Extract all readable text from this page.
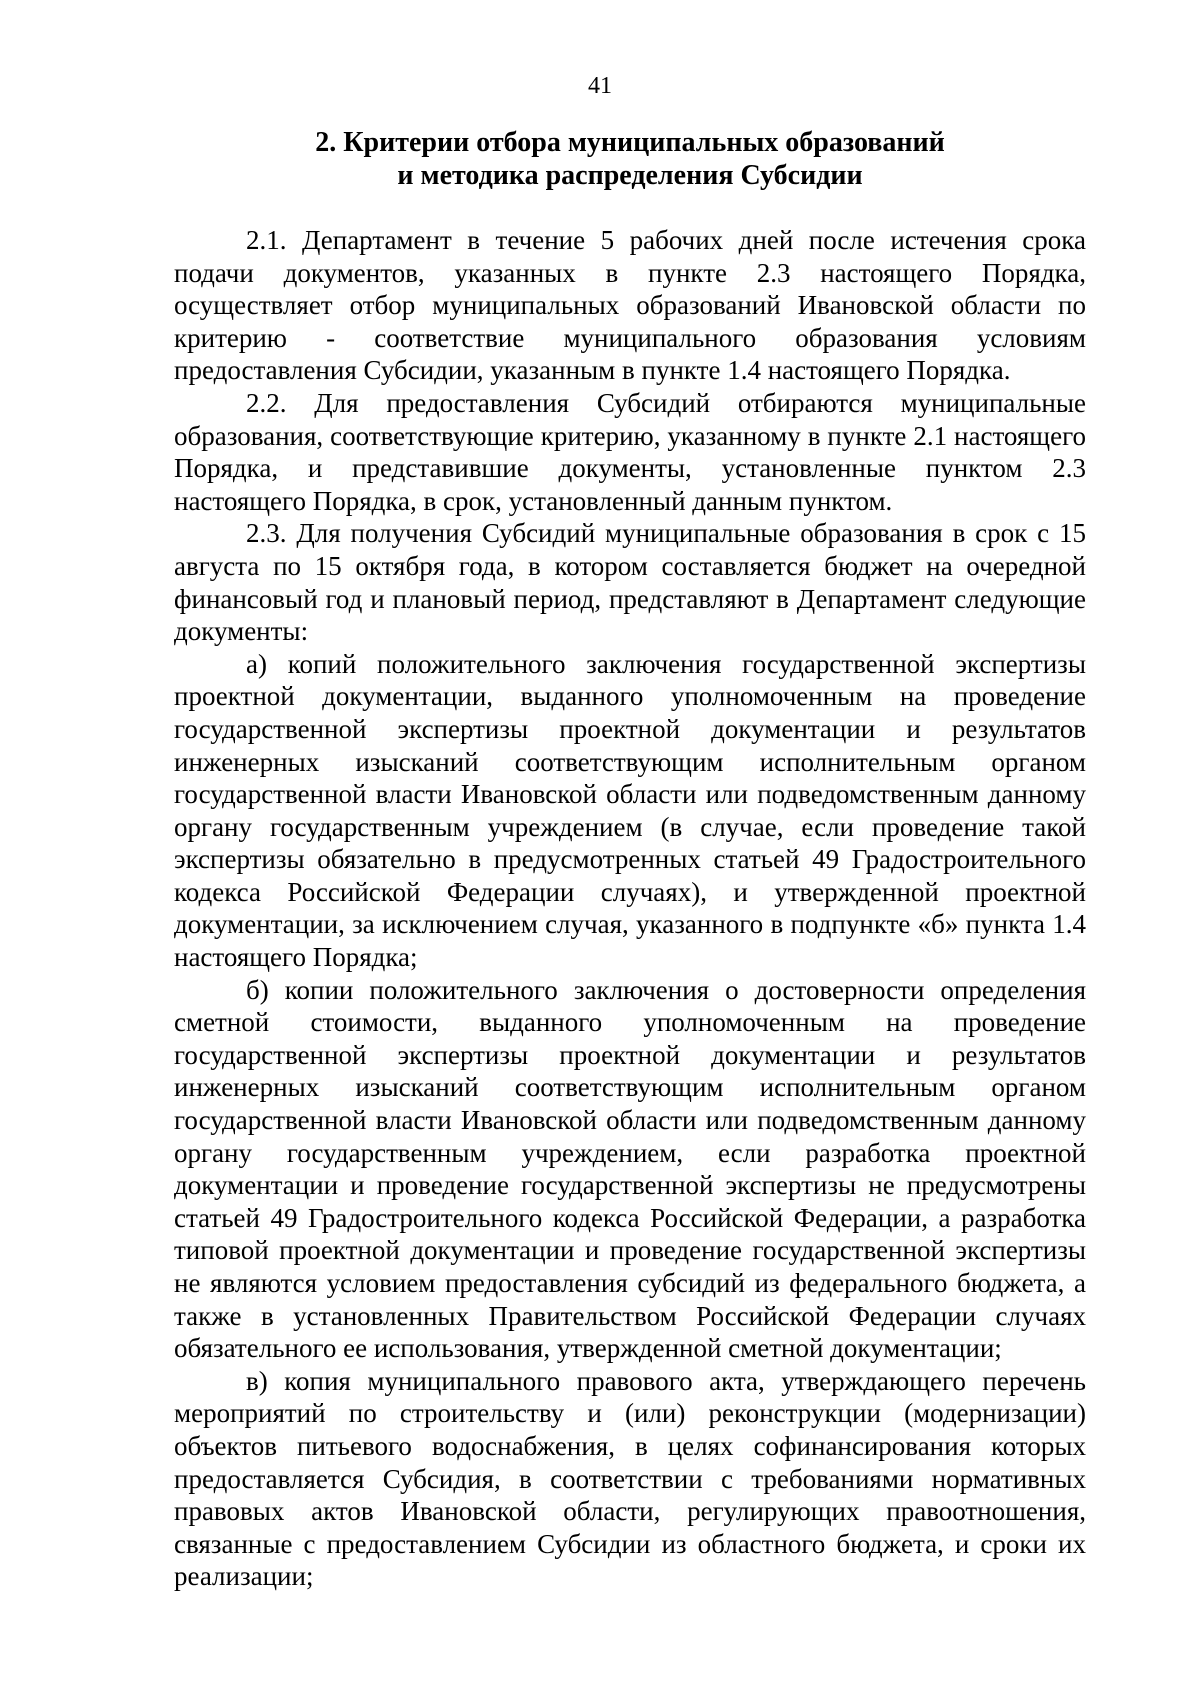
41
2. Критерии отбора муниципальных образований
и методика распределения Субсидии

2.1. Департамент в течение 5 рабочих дней после истечения срока подачи документов, указанных в пункте 2.3 настоящего Порядка, осуществляет отбор муниципальных образований Ивановской области по критерию - соответствие муниципального образования условиям предоставления Субсидии, указанным в пункте 1.4 настоящего Порядка.

2.2. Для предоставления Субсидий отбираются муниципальные образования, соответствующие критерию, указанному в пункте 2.1 настоящего Порядка, и представившие документы, установленные пунктом 2.3 настоящего Порядка, в срок, установленный данным пунктом.

2.3. Для получения Субсидий муниципальные образования в срок с 15 августа по 15 октября года, в котором составляется бюджет на очередной финансовый год и плановый период, представляют в Департамент следующие документы:

а) копий положительного заключения государственной экспертизы проектной документации, выданного уполномоченным на проведение государственной экспертизы проектной документации и результатов инженерных изысканий соответствующим исполнительным органом государственной власти Ивановской области или подведомственным данному органу государственным учреждением (в случае, если проведение такой экспертизы обязательно в предусмотренных статьей 49 Градостроительного кодекса Российской Федерации случаях), и утвержденной проектной документации, за исключением случая, указанного в подпункте «б» пункта 1.4 настоящего Порядка;

б) копии положительного заключения о достоверности определения сметной стоимости, выданного уполномоченным на проведение государственной экспертизы проектной документации и результатов инженерных изысканий соответствующим исполнительным органом государственной власти Ивановской области или подведомственным данному органу государственным учреждением, если разработка проектной документации и проведение государственной экспертизы не предусмотрены статьей 49 Градостроительного кодекса Российской Федерации, а разработка типовой проектной документации и проведение государственной экспертизы не являются условием предоставления субсидий из федерального бюджета, а также в установленных Правительством Российской Федерации случаях обязательного ее использования, утвержденной сметной документации;

в) копия муниципального правового акта, утверждающего перечень мероприятий по строительству и (или) реконструкции (модернизации) объектов питьевого водоснабжения, в целях софинансирования которых предоставляется Субсидия, в соответствии с требованиями нормативных правовых актов Ивановской области, регулирующих правоотношения, связанные с предоставлением Субсидии из областного бюджета, и сроки их реализации;
